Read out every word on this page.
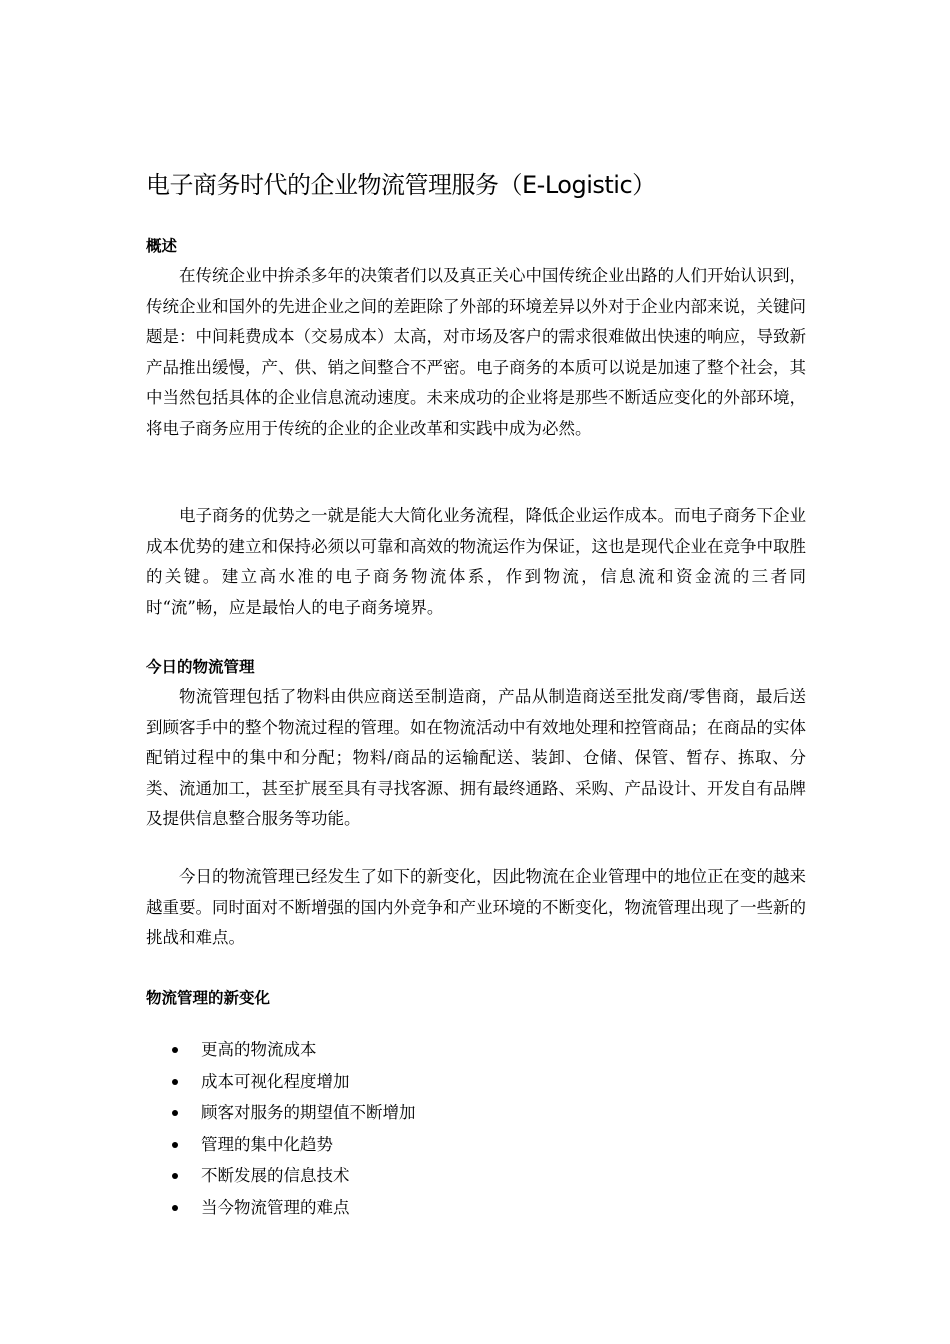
电子商务时代的企业物流管理服务（E-Logistic）
概述

在传统企业中拚杀多年的决策者们以及真正关心中国传统企业出路的人们开始认识到，传统企业和国外的先进企业之间的差距除了外部的环境差异以外对于企业内部来说，关键问题是：中间耗费成本（交易成本）太高，对市场及客户的需求很难做出快速的响应，导致新产品推出缓慢，产、供、销之间整合不严密。电子商务的本质可以说是加速了整个社会，其中当然包括具体的企业信息流动速度。未来成功的企业将是那些不断适应变化的外部环境，将电子商务应用于传统的企业的企业改革和实践中成为必然。

电子商务的优势之一就是能大大简化业务流程，降低企业运作成本。而电子商务下企业成本优势的建立和保持必须以可靠和高效的物流运作为保证，这也是现代企业在竞争中取胜的关键。建立高水准的电子商务物流体系，作到物流，信息流和资金流的三者同时“流”畅，应是最怡人的电子商务境界。

今日的物流管理

物流管理包括了物料由供应商送至制造商，产品从制造商送至批发商/零售商，最后送到顾客手中的整个物流过程的管理。如在物流活动中有效地处理和控管商品；在商品的实体配销过程中的集中和分配；物料/商品的运输配送、装卸、仓储、保管、暂存、拣取、分类、流通加工，甚至扩展至具有寻找客源、拥有最终通路、采购、产品设计、开发自有品牌及提供信息整合服务等功能。

今日的物流管理已经发生了如下的新变化，因此物流在企业管理中的地位正在变的越来越重要。同时面对不断增强的国内外竞争和产业环境的不断变化，物流管理出现了一些新的挑战和难点。

物流管理的新变化
更高的物流成本
成本可视化程度增加
顾客对服务的期望值不断增加
管理的集中化趋势
不断发展的信息技术
当今物流管理的难点
